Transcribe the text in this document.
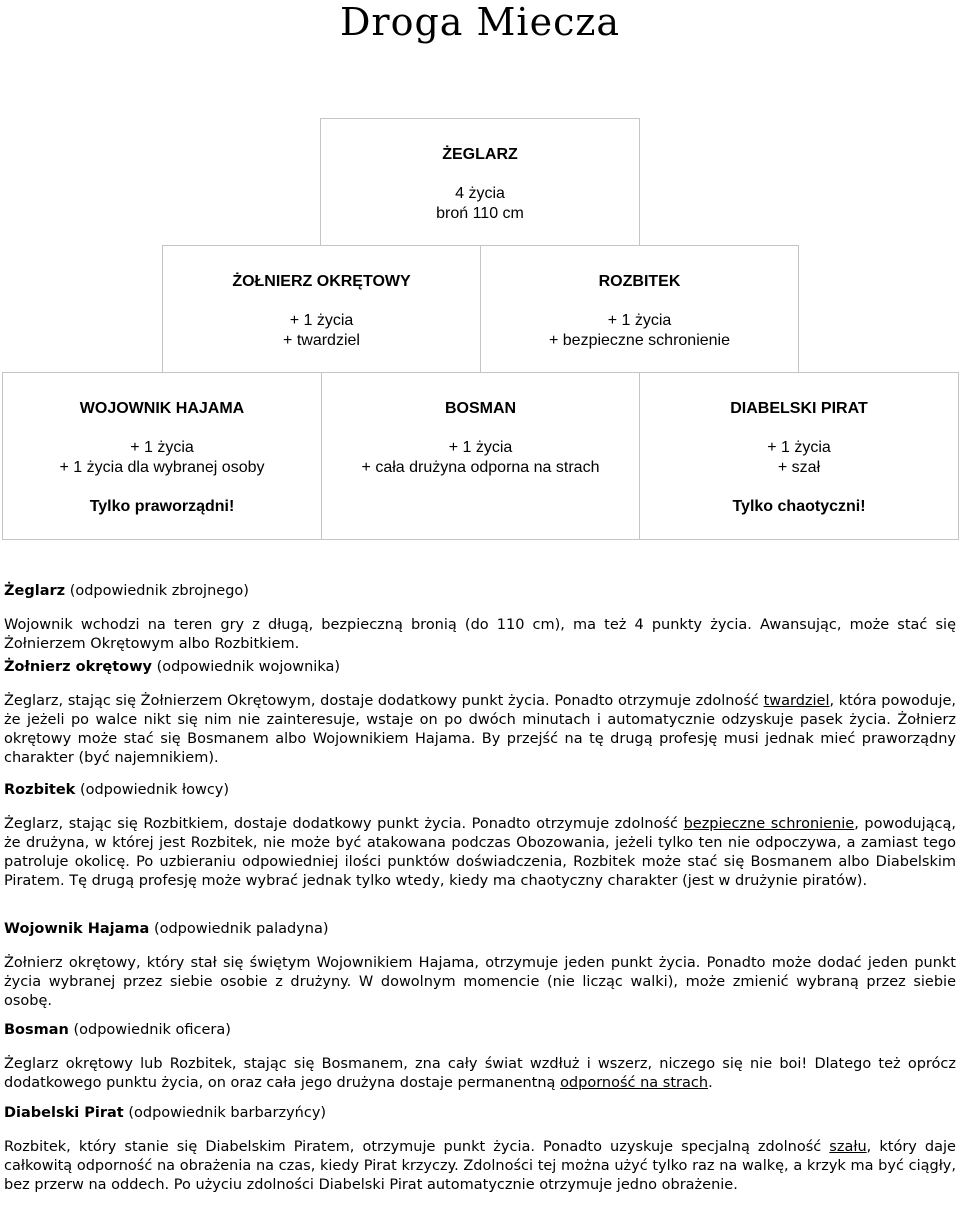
Droga Miecza
ŻEGLARZ
4 życia
broń 110 cm
ŻOŁNIERZ OKRĘTOWY
+ 1 życia
+ twardziel
ROZBITEK
+ 1 życia
+ bezpieczne schronienie
WOJOWNIK HAJAMA
+ 1 życia
+ 1 życia dla wybranej osoby
Tylko praworządni!
BOSMAN
+ 1 życia
+ cała drużyna odporna na strach
DIABELSKI PIRAT
+ 1 życia
+ szał
Tylko chaotyczni!
Żeglarz (odpowiednik zbrojnego)

Wojownik wchodzi na teren gry z długą, bezpieczną bronią (do 110 cm), ma też 4 punkty życia. Awansując, może stać się Żołnierzem Okrętowym albo Rozbitkiem.

Żołnierz okrętowy (odpowiednik wojownika)

Żeglarz, stając się Żołnierzem Okrętowym, dostaje dodatkowy punkt życia. Ponadto otrzymuje zdolność twardziel, która powoduje, że jeżeli po walce nikt się nim nie zainteresuje, wstaje on po dwóch minutach i automatycznie odzyskuje pasek życia. Żołnierz okrętowy może stać się Bosmanem albo Wojownikiem Hajama. By przejść na tę drugą profesję musi jednak mieć praworządny charakter (być najemnikiem).

Rozbitek (odpowiednik łowcy)

Żeglarz, stając się Rozbitkiem, dostaje dodatkowy punkt życia. Ponadto otrzymuje zdolność bezpieczne schronienie, powodującą, że drużyna, w której jest Rozbitek, nie może być atakowana podczas Obozowania, jeżeli tylko ten nie odpoczywa, a zamiast tego patroluje okolicę. Po uzbieraniu odpowiedniej ilości punktów doświadczenia, Rozbitek może stać się Bosmanem albo Diabelskim Piratem. Tę drugą profesję może wybrać jednak tylko wtedy, kiedy ma chaotyczny charakter (jest w drużynie piratów).

Wojownik Hajama (odpowiednik paladyna)

Żołnierz okrętowy, który stał się świętym Wojownikiem Hajama, otrzymuje jeden punkt życia. Ponadto może dodać jeden punkt życia wybranej przez siebie osobie z drużyny. W dowolnym momencie (nie licząc walki), może zmienić wybraną przez siebie osobę.

Bosman (odpowiednik oficera)

Żeglarz okrętowy lub Rozbitek, stając się Bosmanem, zna cały świat wzdłuż i wszerz, niczego się nie boi! Dlatego też oprócz dodatkowego punktu życia, on oraz cała jego drużyna dostaje permanentną odporność na strach.

Diabelski Pirat (odpowiednik barbarzyńcy)

Rozbitek, który stanie się Diabelskim Piratem, otrzymuje punkt życia. Ponadto uzyskuje specjalną zdolność szału, który daje całkowitą odporność na obrażenia na czas, kiedy Pirat krzyczy. Zdolności tej można użyć tylko raz na walkę, a krzyk ma być ciągły, bez przerw na oddech. Po użyciu zdolności Diabelski Pirat automatycznie otrzymuje jedno obrażenie.
